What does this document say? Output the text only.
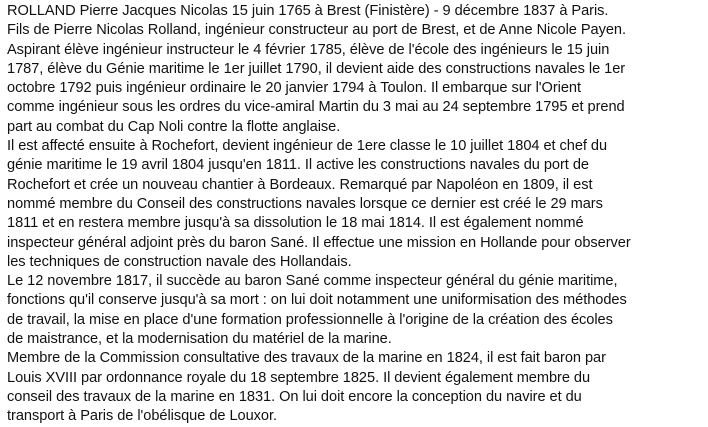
ROLLAND Pierre Jacques Nicolas 15 juin 1765 à Brest (Finistère) - 9 décembre 1837 à Paris.
Fils de Pierre Nicolas Rolland, ingénieur constructeur au port de Brest, et de Anne Nicole Payen.
Aspirant élève ingénieur instructeur le 4 février 1785, élève de l'école des ingénieurs le 15 juin
1787, élève du Génie maritime le 1er juillet 1790, il devient aide des constructions navales le 1er
octobre 1792 puis ingénieur ordinaire le 20 janvier 1794 à Toulon. Il embarque sur l'Orient
comme ingénieur sous les ordres du vice-amiral Martin du 3 mai au 24 septembre 1795 et prend
part au combat du Cap Noli contre la flotte anglaise.
Il est affecté ensuite à Rochefort, devient ingénieur de 1ere classe le 10 juillet 1804 et chef du
génie maritime le 19 avril 1804 jusqu'en 1811. Il active les constructions navales du port de
Rochefort et crée un nouveau chantier à Bordeaux. Remarqué par Napoléon en 1809, il est
nommé membre du Conseil des constructions navales lorsque ce dernier est créé le 29 mars
1811 et en restera membre jusqu'à sa dissolution le 18 mai 1814. Il est également nommé
inspecteur général adjoint près du baron Sané. Il effectue une mission en Hollande pour observer
les techniques de construction navale des Hollandais.
Le 12 novembre 1817, il succède au baron Sané comme inspecteur général du génie maritime,
fonctions qu'il conserve jusqu'à sa mort : on lui doit notamment une uniformisation des méthodes
de travail, la mise en place d'une formation professionnelle à l'origine de la création des écoles
de maistrance, et la modernisation du matériel de la marine.
Membre de la Commission consultative des travaux de la marine en 1824, il est fait baron par
Louis XVIII par ordonnance royale du 18 septembre 1825. Il devient également membre du
conseil des travaux de la marine en 1831. On lui doit encore la conception du navire et du
transport à Paris de l'obélisque de Louxor.
